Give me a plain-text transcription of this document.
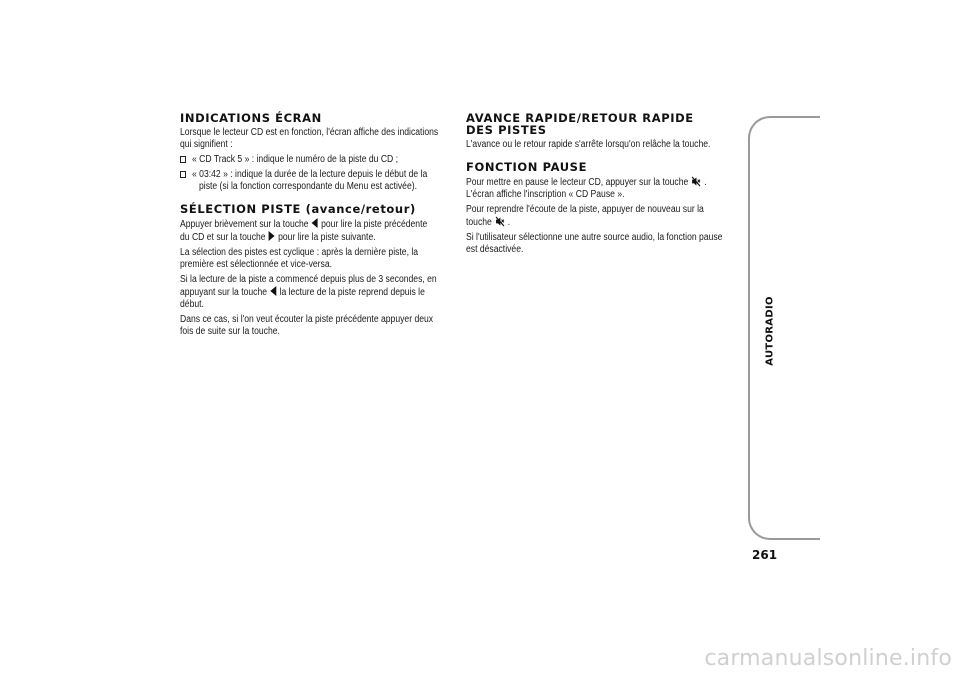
INDICATIONS ÉCRAN

Lorsque le lecteur CD est en fonction, l'écran affiche des indications
qui signifient :

« CD Track 5 » : indique le numéro de la piste du CD ;

« 03:42 » : indique la durée de la lecture depuis le début de la
piste (si la fonction correspondante du Menu est activée).

SÉLECTION PISTE (avance/retour)

Appuyer brièvement sur la touche pour lire la piste précédente
du CD et sur la touche pour lire la piste suivante.

La sélection des pistes est cyclique : après la dernière piste, la
première est sélectionnée et vice-versa.

Si la lecture de la piste a commencé depuis plus de 3 secondes, en
appuyant sur la touche la lecture de la piste reprend depuis le
début.

Dans ce cas, si l'on veut écouter la piste précédente appuyer deux
fois de suite sur la touche.

AVANCE RAPIDE/RETOUR RAPIDE
DES PISTES

L'avance ou le retour rapide s'arrête lorsqu'on relâche la touche.

FONCTION PAUSE

Pour mettre en pause le lecteur CD, appuyer sur la touche .
L'écran affiche l'inscription « CD Pause ».

Pour reprendre l'écoute de la piste, appuyer de nouveau sur la
touche .

Si l'utilisateur sélectionne une autre source audio, la fonction pause
est désactivée.

AUTORADIO
261
carmanualsonline.info
